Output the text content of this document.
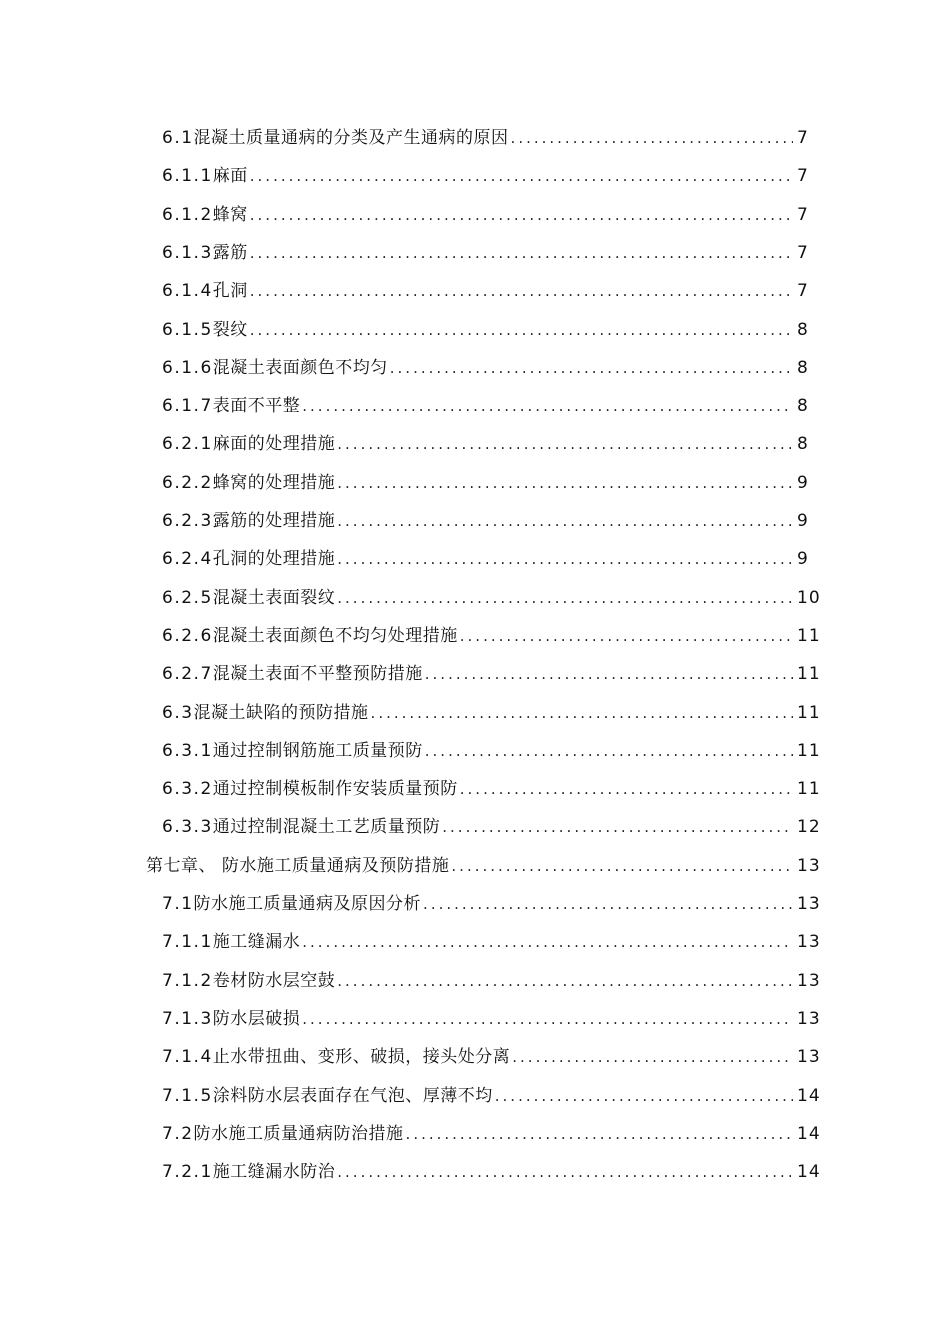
6.1 混凝土质量通病的分类及产生通病的原因 .....	7
6.1.1 麻面 .....	7
6.1.2 蜂窝 .....	7
6.1.3 露筋 .....	7
6.1.4 孔洞 .....	7
6.1.5 裂纹 .....	8
6.1.6 混凝土表面颜色不均匀 .....	8
6.1.7 表面不平整 .....	8
6.2.1 麻面的处理措施 .....	8
6.2.2 蜂窝的处理措施 .....	9
6.2.3 露筋的处理措施 .....	9
6.2.4 孔洞的处理措施 .....	9
6.2.5 混凝土表面裂纹 .....	10
6.2.6 混凝土表面颜色不均匀处理措施 .....	11
6.2.7 混凝土表面不平整预防措施 .....	11
6.3 混凝土缺陷的预防措施 .....	11
6.3.1 通过控制钢筋施工质量预防 .....	11
6.3.2 通过控制模板制作安装质量预防 .....	11
6.3.3 通过控制混凝土工艺质量预防 .....	12
第七章、 防水施工质量通病及预防措施 .....	13
7.1 防水施工质量通病及原因分析 .....	13
7.1.1 施工缝漏水 .....	13
7.1.2 卷材防水层空鼓 .....	13
7.1.3 防水层破损 .....	13
7.1.4 止水带扭曲、变形、破损，接头处分离 .....	13
7.1.5 涂料防水层表面存在气泡、厚薄不均 .....	14
7.2 防水施工质量通病防治措施 .....	14
7.2.1 施工缝漏水防治 .....	14
